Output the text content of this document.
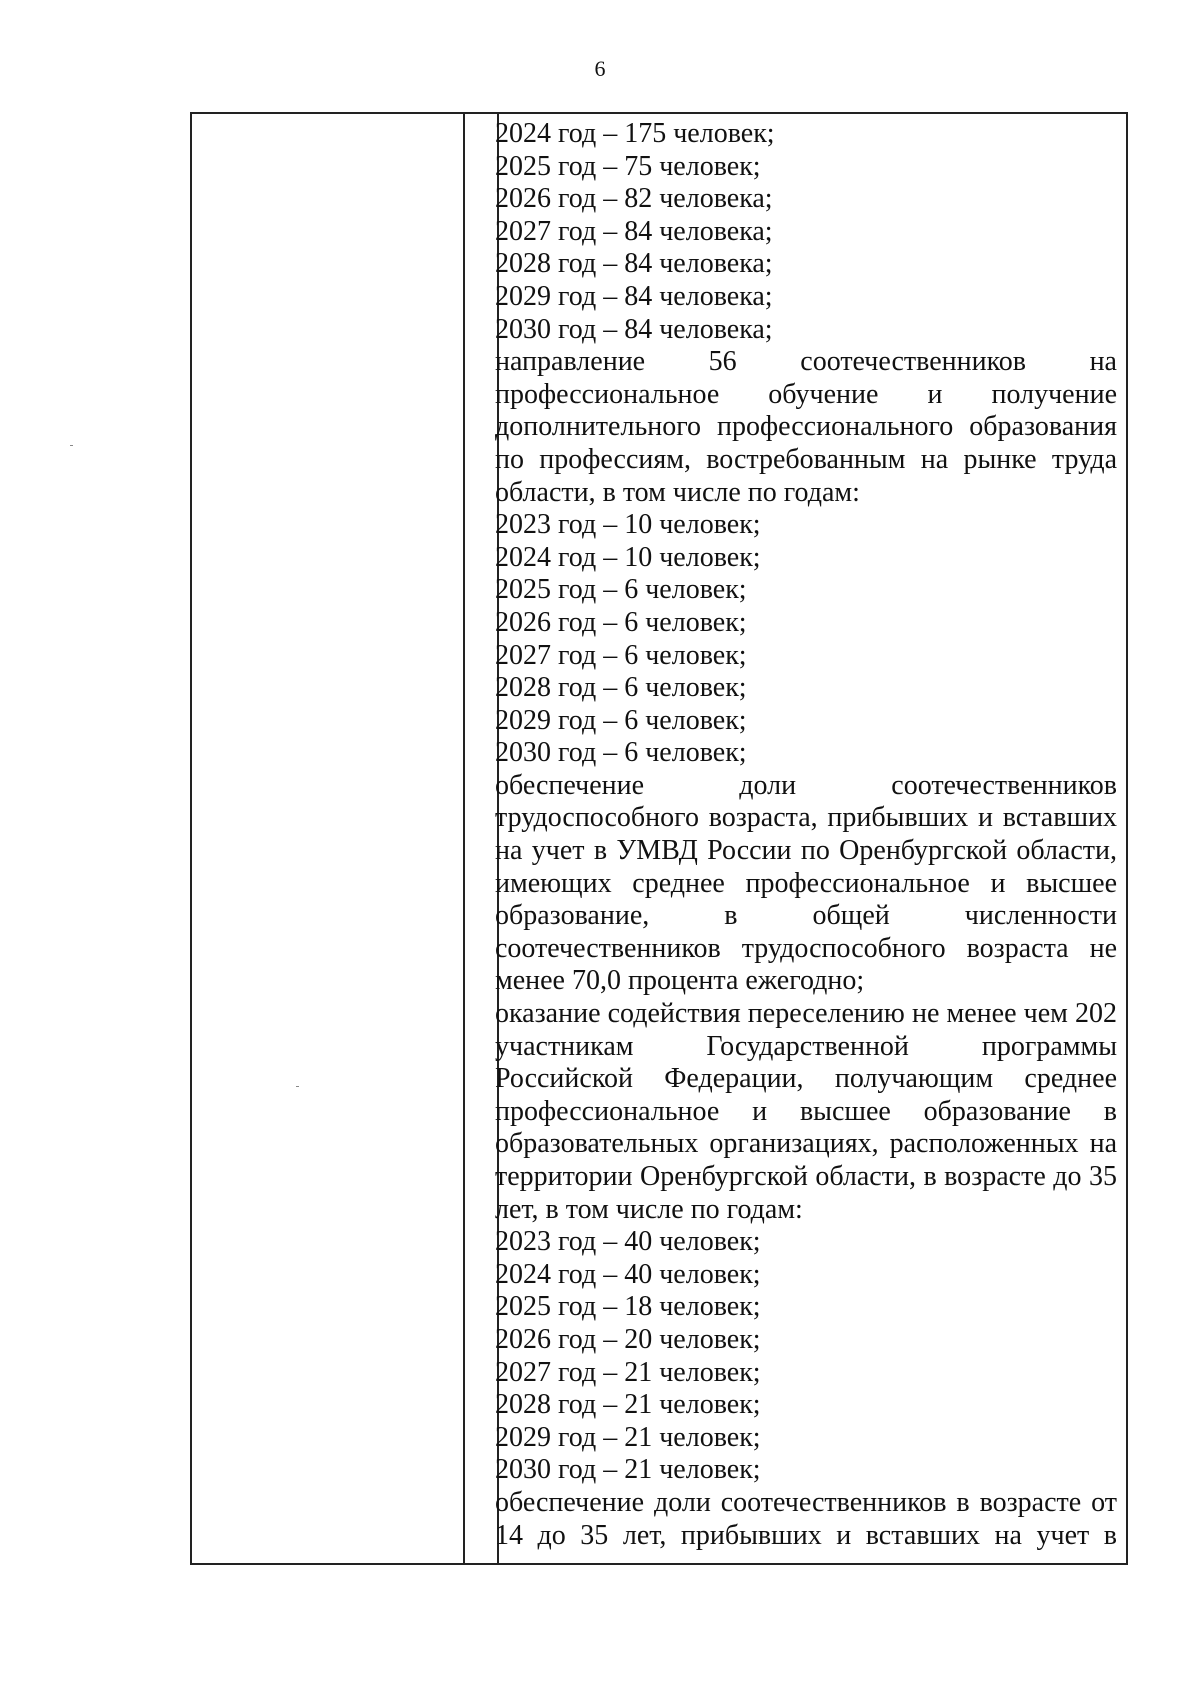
6
2024 год – 175 человек;
2025 год – 75 человек;
2026 год – 82 человека;
2027 год – 84 человека;
2028 год – 84 человека;
2029 год – 84 человека;
2030 год – 84 человека;
направление 56 соотечественников на профессиональное обучение и получение дополнительного профессионального образования по профессиям, востребованным на рынке труда области, в том числе по годам:
2023 год – 10 человек;
2024 год – 10 человек;
2025 год – 6 человек;
2026 год – 6 человек;
2027 год – 6 человек;
2028 год – 6 человек;
2029 год – 6 человек;
2030 год – 6 человек;
обеспечение доли соотечественников трудоспособного возраста, прибывших и вставших на учет в УМВД России по Оренбургской области, имеющих среднее профессиональное и высшее образование, в общей численности соотечественников трудоспособного возраста не менее 70,0 процента ежегодно;
оказание содействия переселению не менее чем 202 участникам Государственной программы Российской Федерации, получающим среднее профессиональное и высшее образование в образовательных организациях, расположенных на территории Оренбургской области, в возрасте до 35 лет, в том числе по годам:
2023 год – 40 человек;
2024 год – 40 человек;
2025 год – 18 человек;
2026 год – 20 человек;
2027 год – 21 человек;
2028 год – 21 человек;
2029 год – 21 человек;
2030 год – 21 человек;
обеспечение доли соотечественников в возрасте от 14 до 35 лет, прибывших и вставших на учет в
